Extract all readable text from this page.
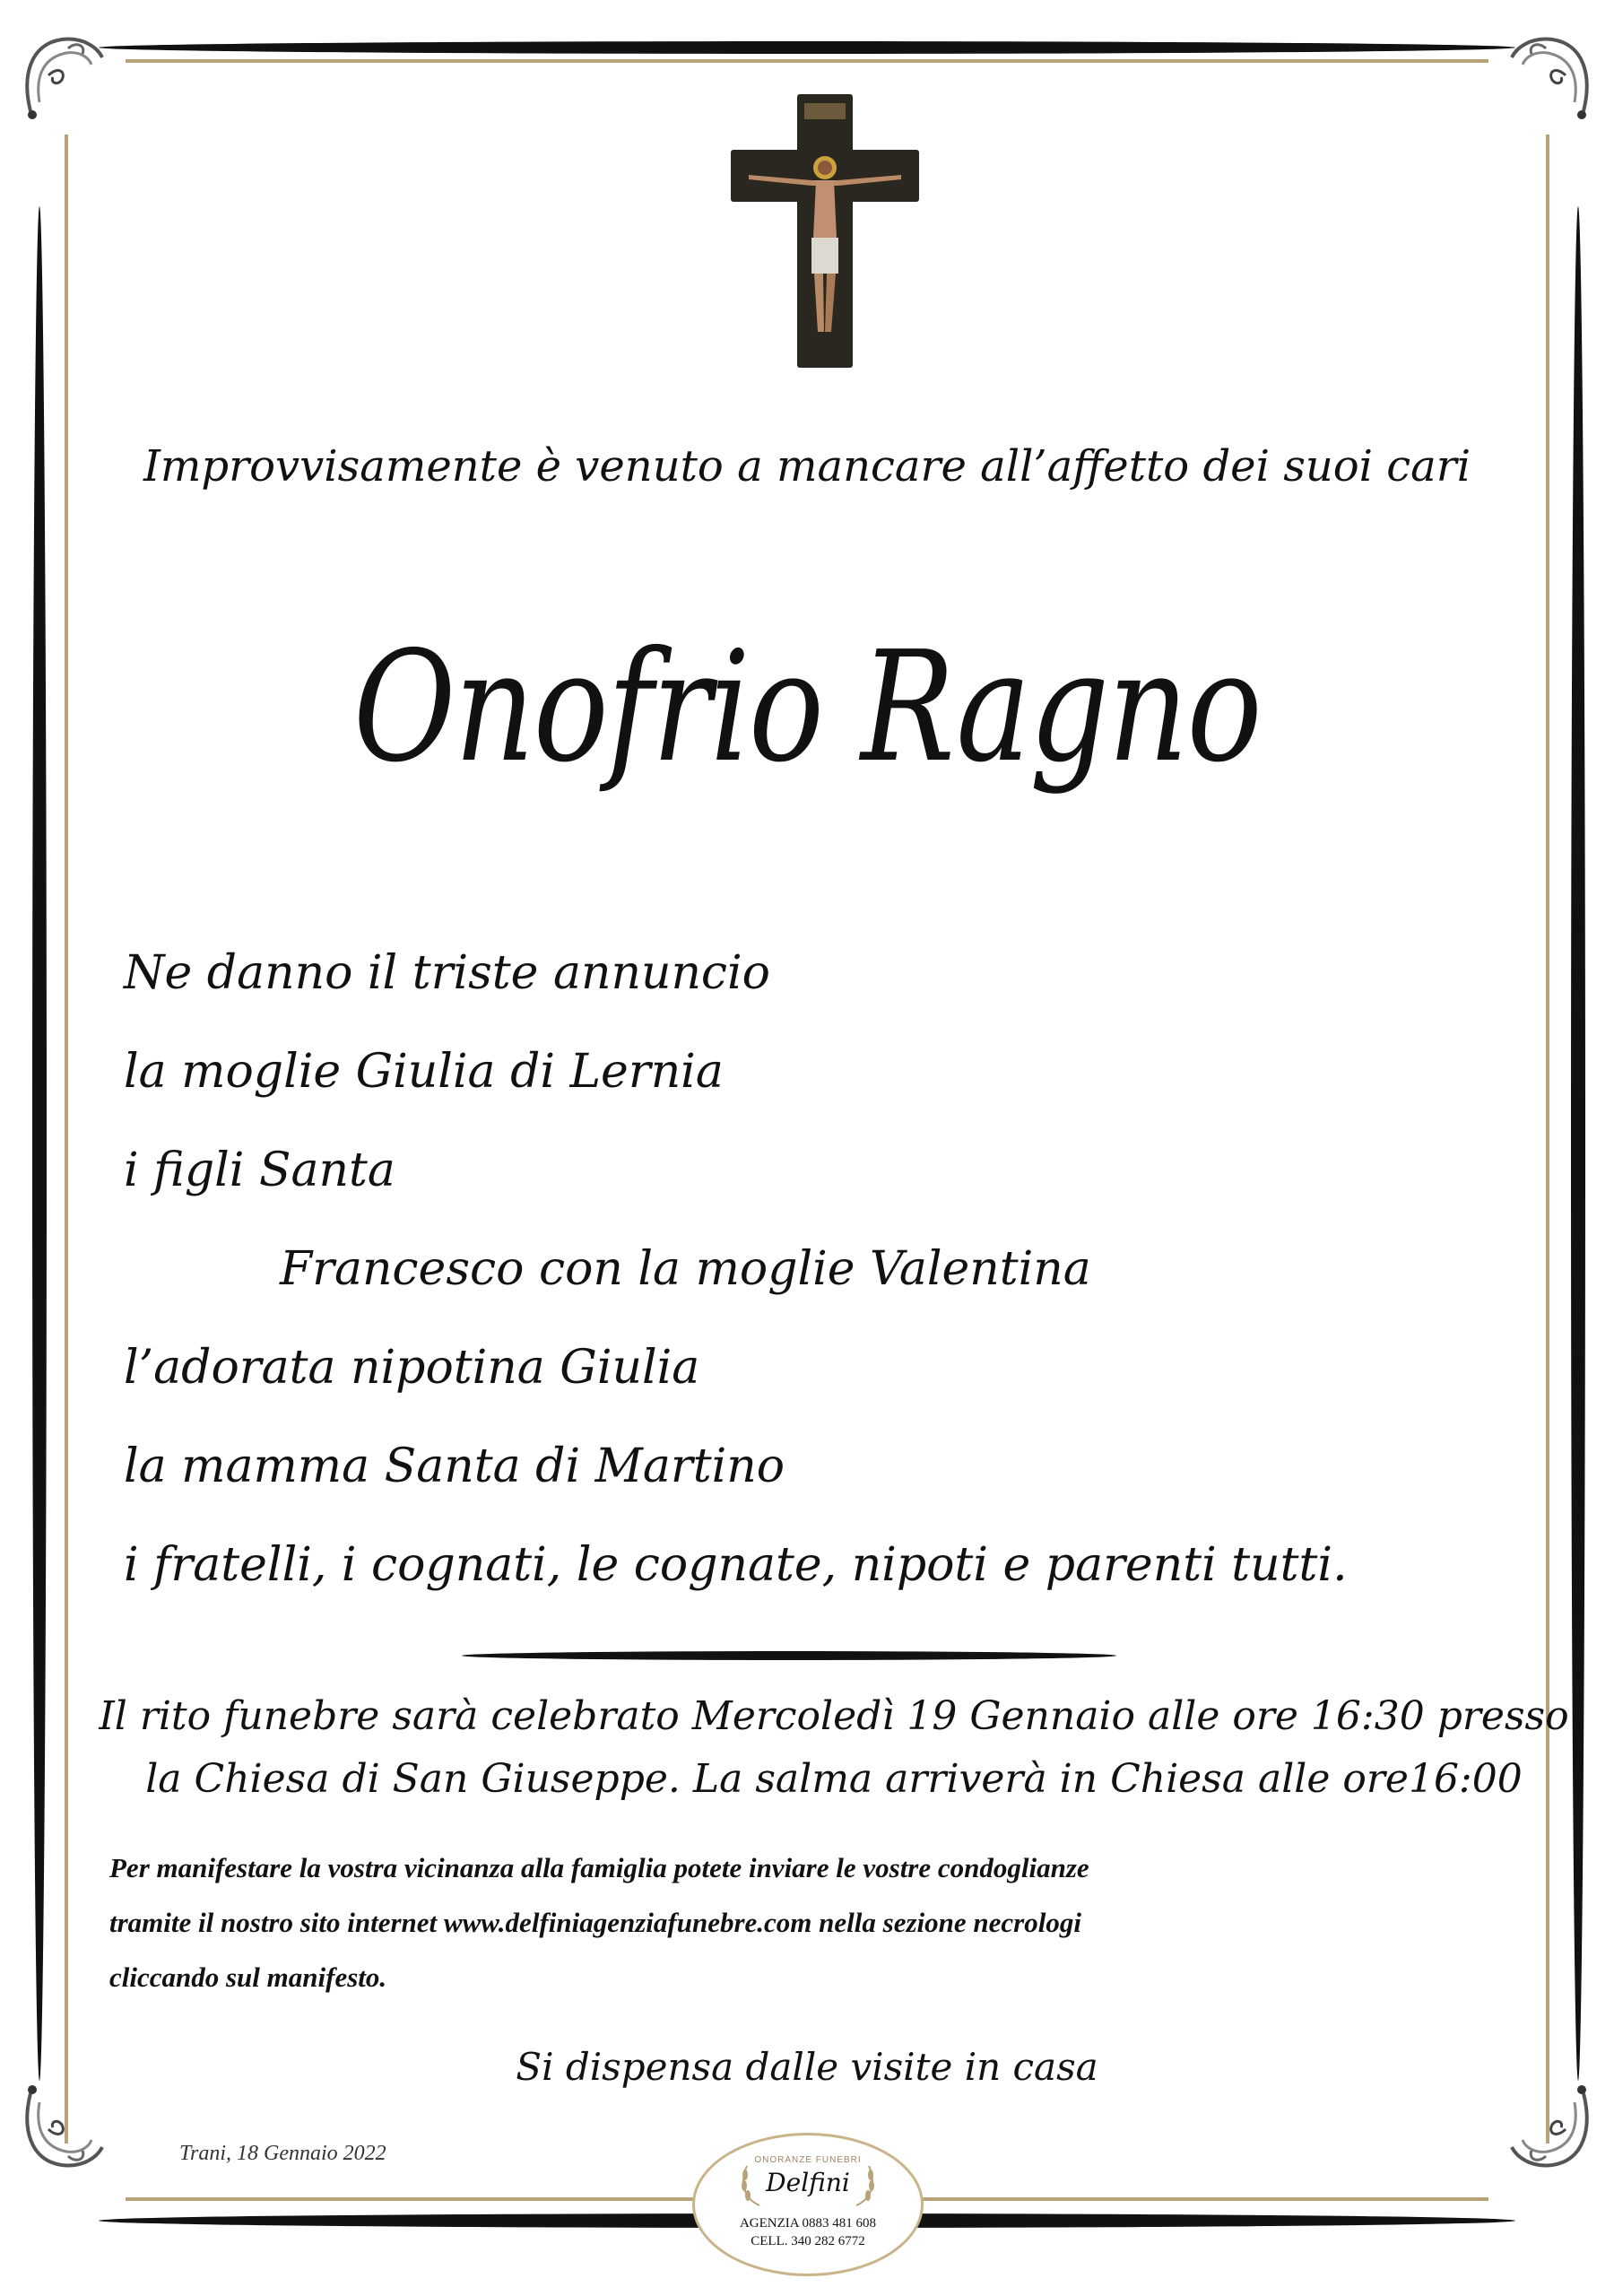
Improvvisamente è venuto a mancare all’affetto dei suoi cari
Onofrio Ragno
Ne danno il triste annuncio
la moglie Giulia di Lernia
i figli Santa
Francesco con la moglie Valentina
l’adorata nipotina Giulia
la mamma Santa di Martino
i fratelli, i cognati, le cognate, nipoti e parenti tutti.
Il rito funebre sarà celebrato Mercoledì 19 Gennaio alle ore 16:30 presso
la Chiesa di San Giuseppe. La salma arriverà in Chiesa alle ore16:00
Per manifestare la vostra vicinanza alla famiglia potete inviare le vostre condoglianze
tramite il nostro sito internet www.delfiniagenziafunebre.com nella sezione necrologi
cliccando sul manifesto.
Si dispensa dalle visite in casa
Trani, 18 Gennaio 2022	ONORANZE FUNEBRI
Delfini
AGENZIA 0883 481 608
CELL. 340 282 6772
